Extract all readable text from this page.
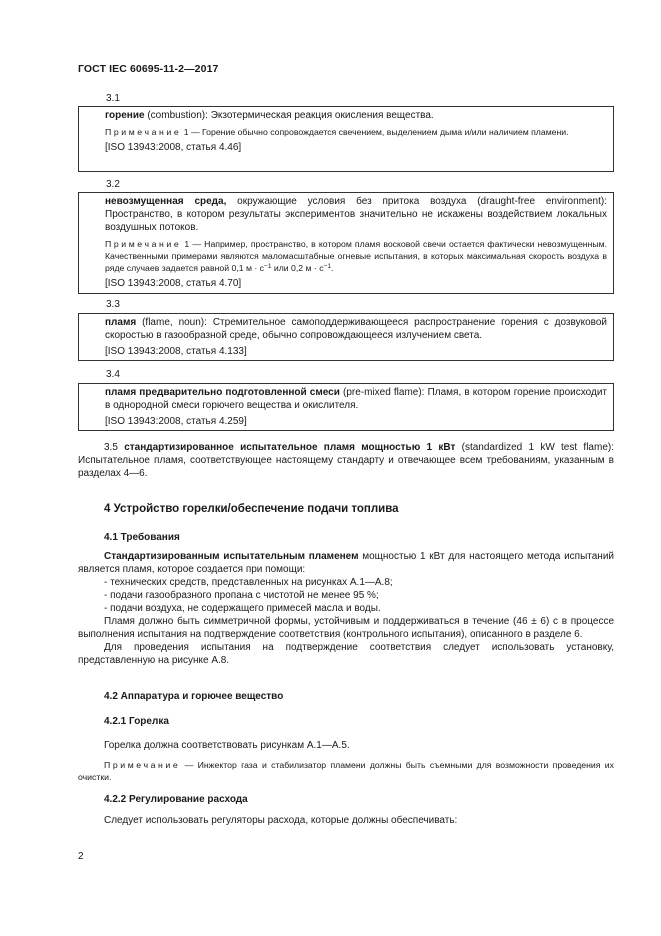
ГОСТ IEC 60695-11-2—2017
3.1

горение (combustion): Экзотермическая реакция окисления вещества.

Примечание 1 — Горение обычно сопровождается свечением, выделением дыма и/или наличием пламени.

[ISO 13943:2008, статья 4.46]

3.2

невозмущенная среда, окружающие условия без притока воздуха (draught-free environment): Пространство, в котором результаты экспериментов значительно не искажены воздействием локальных воздушных потоков.

Примечание 1 — Например, пространство, в котором пламя восковой свечи остается фактически невозмущенным. Качественными примерами являются маломасштабные огневые испытания, в которых максимальная скорость воздуха в ряде случаев задается равной 0,1 $м \cdot с^{-1}$ или 0,2 $м \cdot с^{-1}$.

[ISO 13943:2008, статья 4.70]

3.3

пламя (flame, noun): Стремительное самоподдерживающееся распространение горения с дозвуковой скоростью в газообразной среде, обычно сопровождающееся излучением света.

[ISO 13943:2008, статья 4.133]

3.4

пламя предварительно подготовленной смеси (pre-mixed flame): Пламя, в котором горение происходит в однородной смеси горючего вещества и окислителя.

[ISO 13943:2008, статья 4.259]

3.5 стандартизированное испытательное пламя мощностью 1 кВт (standardized 1 kW test flame): Испытательное пламя, соответствующее настоящему стандарту и отвечающее всем требованиям, указанным в разделах 4—6.

4 Устройство горелки/обеспечение подачи топлива
4.1 Требования

Стандартизированным испытательным пламенем мощностью 1 кВт для настоящего метода испытаний является пламя, которое создается при помощи:

- технических средств, представленных на рисунках А.1—А.8;

- подачи газообразного пропана с чистотой не менее 95 %;

- подачи воздуха, не содержащего примесей масла и воды.

Пламя должно быть симметричной формы, устойчивым и поддерживаться в течение (46 ± 6) с в процессе выполнения испытания на подтверждение соответствия (контрольного испытания), описанного в разделе 6.

Для проведения испытания на подтверждение соответствия следует использовать установку, представленную на рисунке А.8.

4.2 Аппаратура и горючее вещество
4.2.1 Горелка

Горелка должна соответствовать рисункам А.1—А.5.

Примечание — Инжектор газа и стабилизатор пламени должны быть съемными для возможности проведения их очистки.

4.2.2 Регулирование расхода

Следует использовать регуляторы расхода, которые должны обеспечивать:

2
